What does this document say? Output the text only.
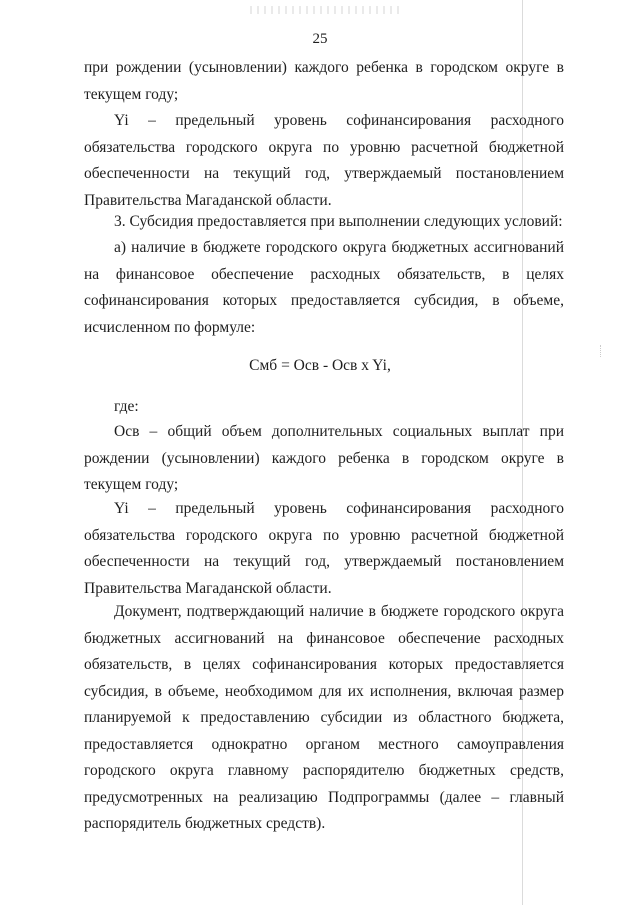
25

при рождении (усыновлении) каждого ребенка в городском округе в текущем году;

Yi – предельный уровень софинансирования расходного обязательства городского округа по уровню расчетной бюджетной обеспеченности на текущий год, утверждаемый постановлением Правительства Магаданской области.

3. Субсидия предоставляется при выполнении следующих условий:

а) наличие в бюджете городского округа бюджетных ассигнований на финансовое обеспечение расходных обязательств, в целях софинансирования которых предоставляется субсидия, в объеме, исчисленном по формуле:

Смб = Осв - Осв x Yi,

где:

Осв – общий объем дополнительных социальных выплат при рождении (усыновлении) каждого ребенка в городском округе в текущем году;

Yi – предельный уровень софинансирования расходного обязательства городского округа по уровню расчетной бюджетной обеспеченности на текущий год, утверждаемый постановлением Правительства Магаданской области.

Документ, подтверждающий наличие в бюджете городского округа бюджетных ассигнований на финансовое обеспечение расходных обязательств, в целях софинансирования которых предоставляется субсидия, в объеме, необходимом для их исполнения, включая размер планируемой к предоставлению субсидии из областного бюджета, предоставляется однократно органом местного самоуправления городского округа главному распорядителю бюджетных средств, предусмотренных на реализацию Подпрограммы (далее – главный распорядитель бюджетных средств).
